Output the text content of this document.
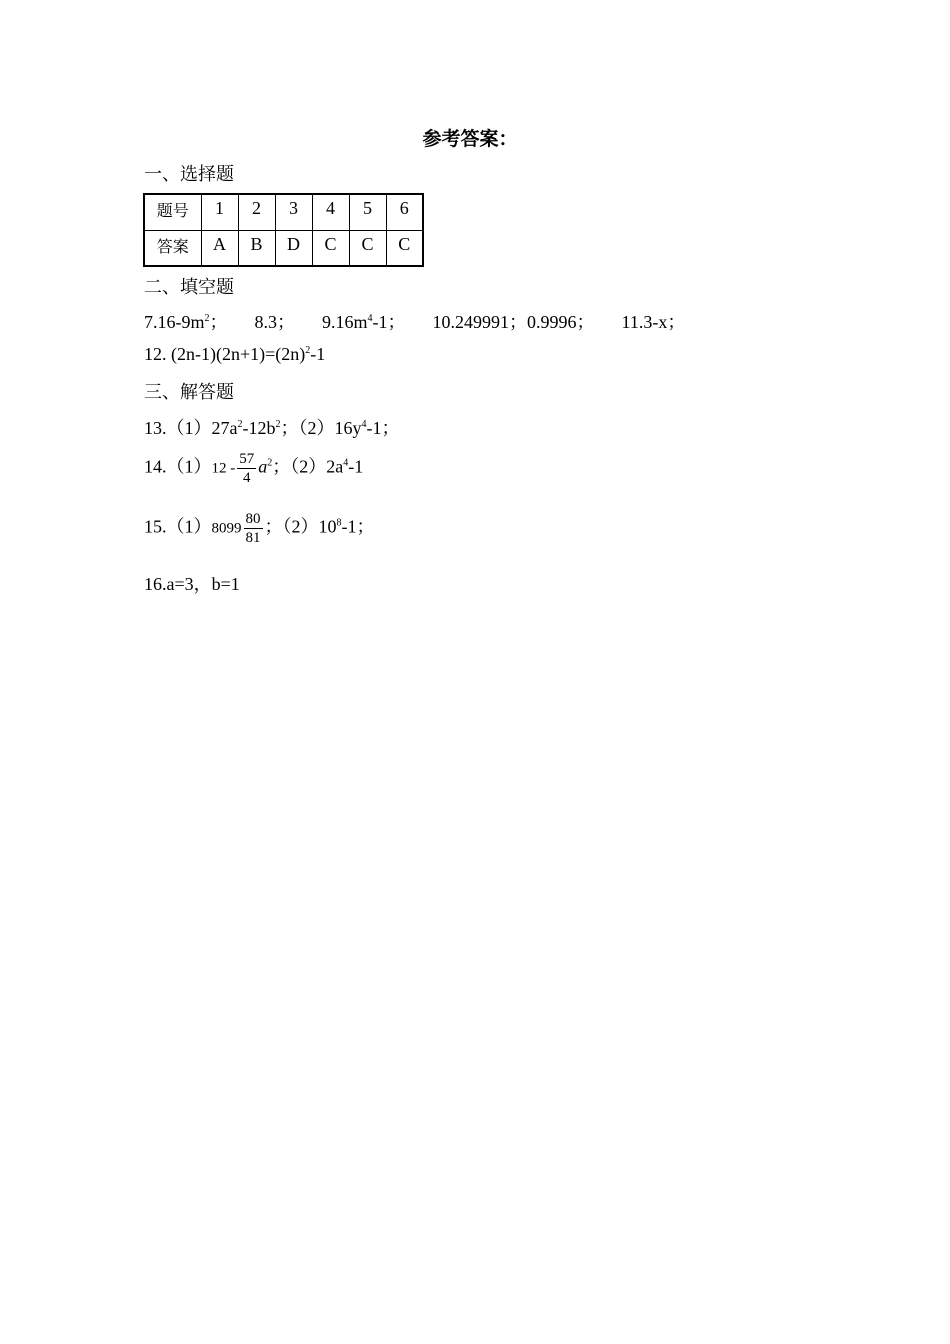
参考答案：
一、选择题
题号	1	2	3	4	5	6
答案	A	B	D	C	C	C
二、填空题
$7.16-9m^2$； 8.3； $9.16m^4-1$； 10.249991；0.9996； 11.3-x；
12. $(2n-1)(2n+1)=(2n)^2-1$
三、解答题
$13.(1)27a^2-12b^2$；$(2)16y^4-1$；
$14.(1)12 - \frac{57}{4} a^2$；$(2)2a^4-1$
$15.(1)8099 \frac{80}{81}$ ；$(2)10^8-1$；
16.a=3，b=1
